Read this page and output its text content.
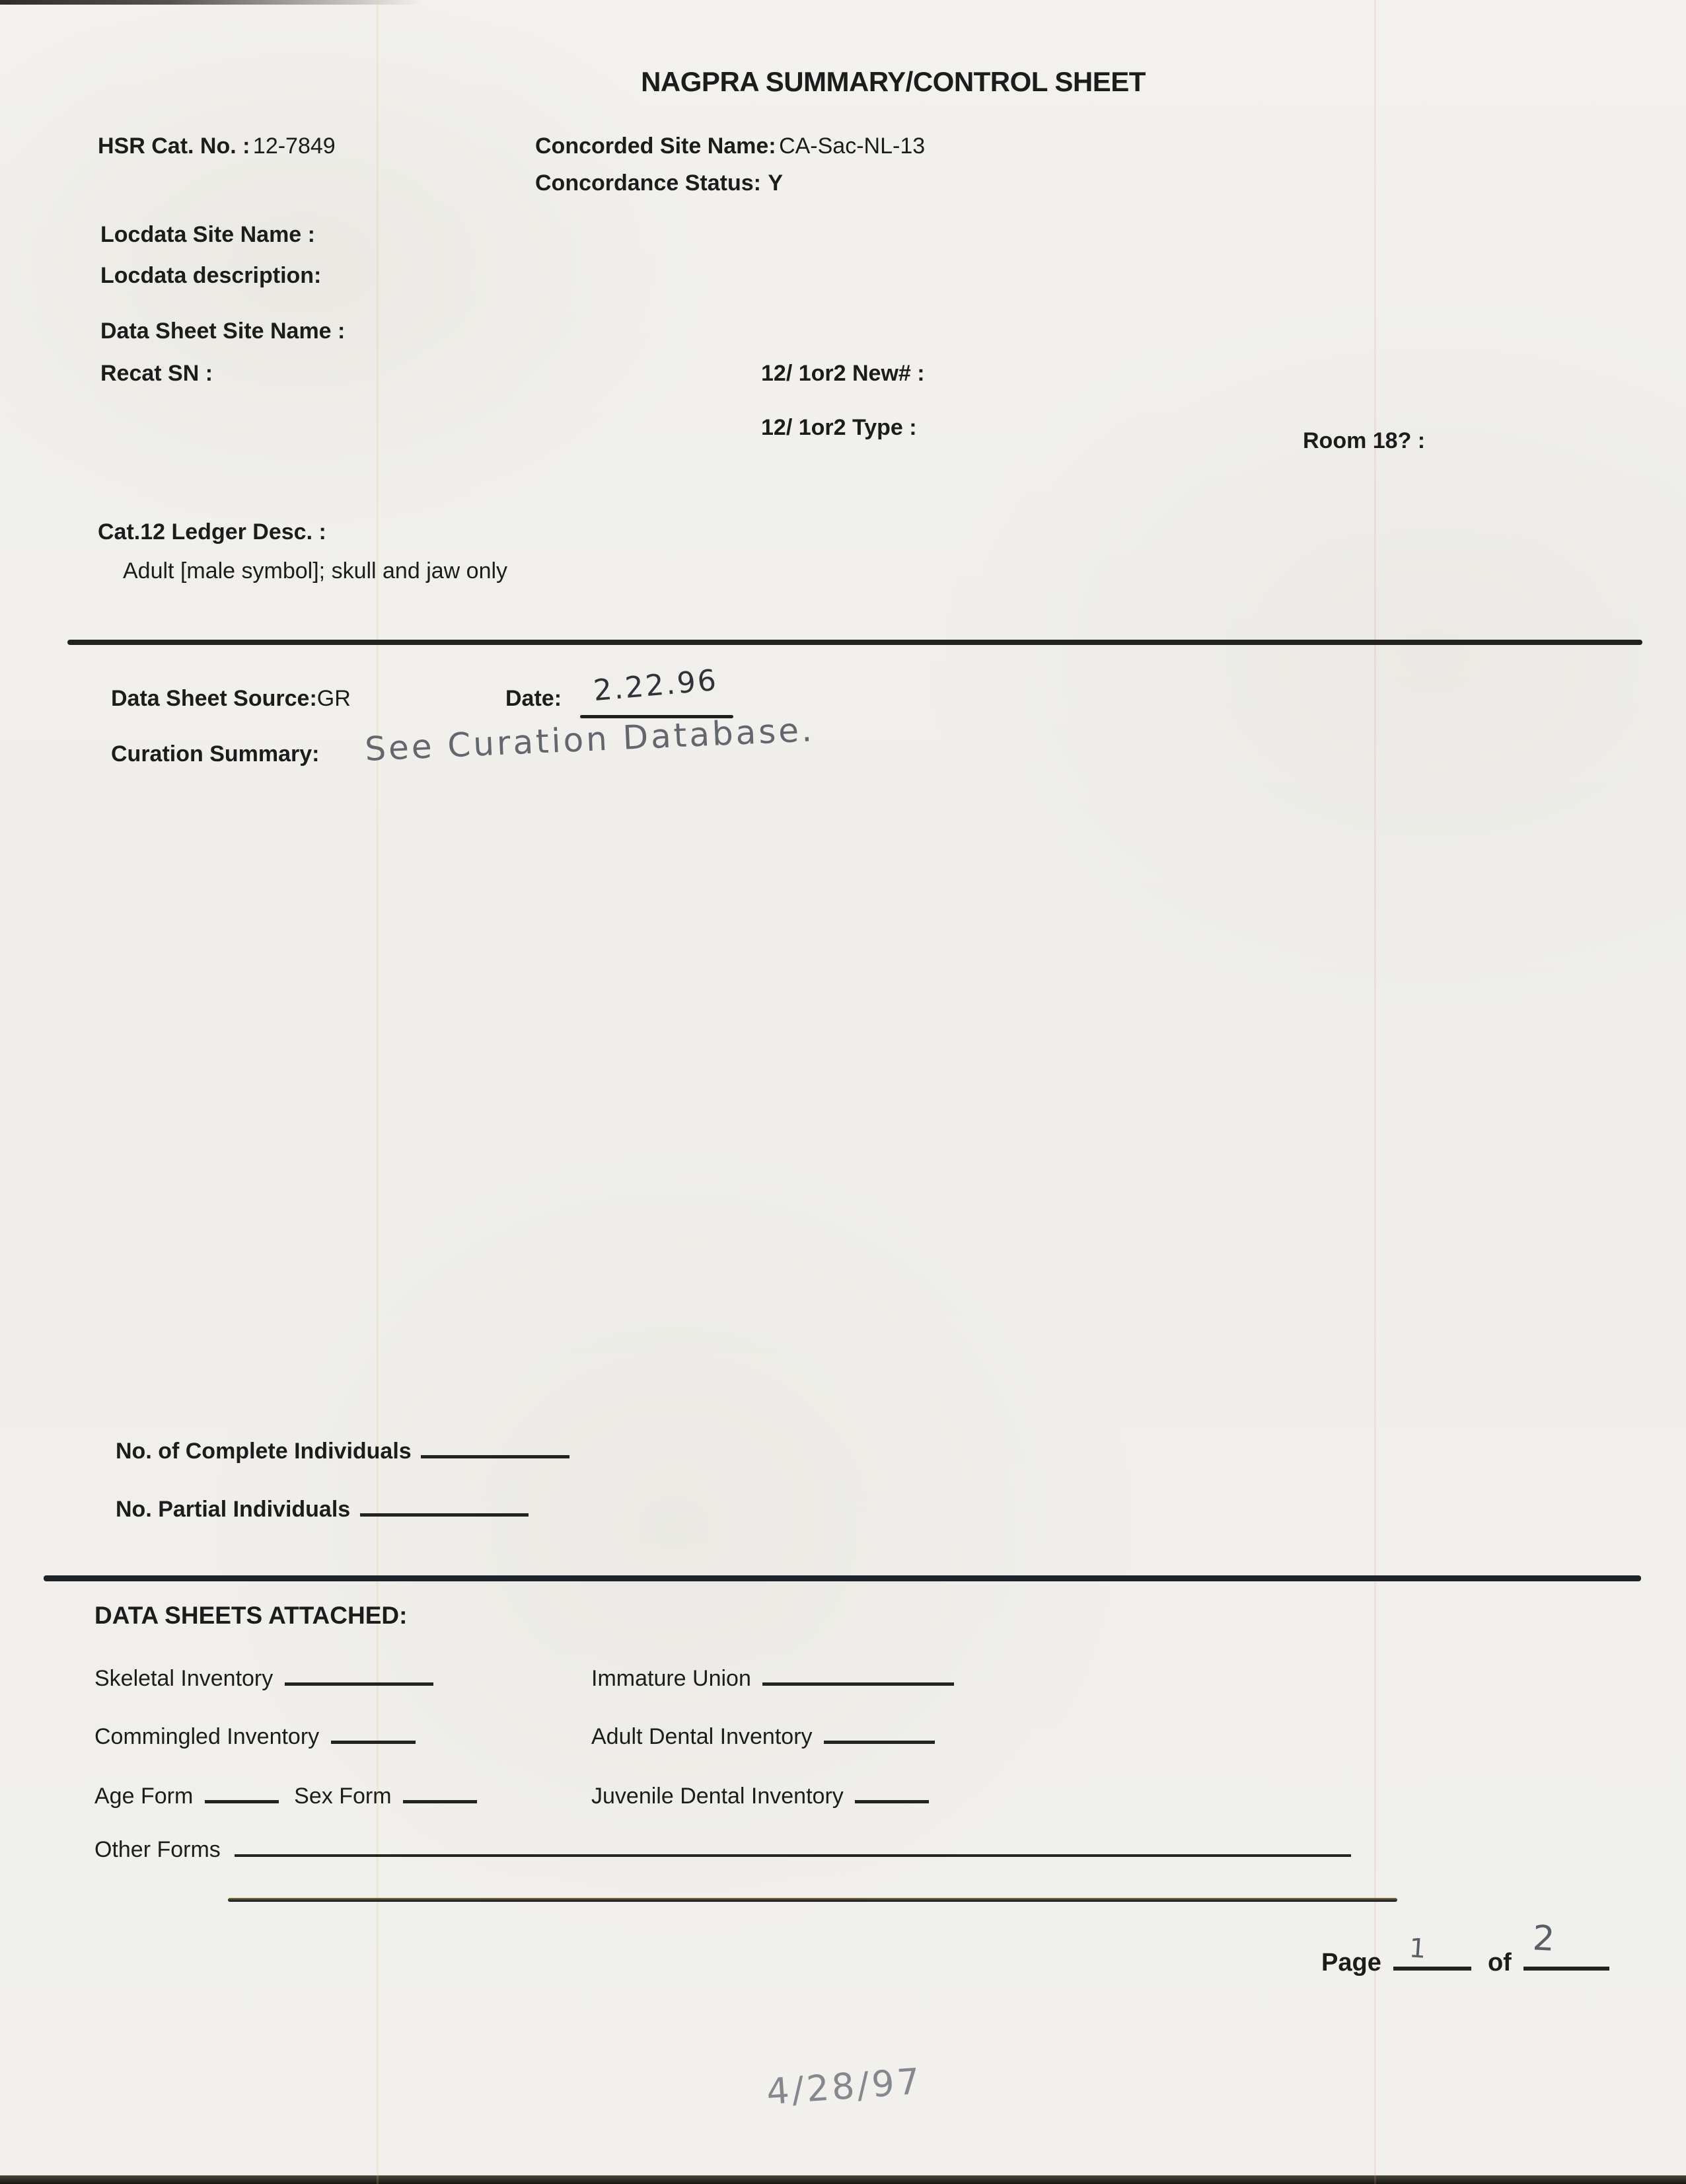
NAGPRA SUMMARY/CONTROL SHEET
HSR Cat. No. : 12-7849	Concorded Site Name: CA-Sac-NL-13
Concordance Status: Y
Locdata Site Name :
Locdata description:
Data Sheet Site Name :
Recat SN :	12/ 1or2 New# :
12/ 1or2 Type :
Room 18? :
Cat.12 Ledger Desc. :
Adult [male symbol]; skull and jaw only
Data Sheet Source:GR	Date: 2.22.96
Curation Summary: See Curation Database.
No. of Complete Individuals
No. Partial Individuals
DATA SHEETS ATTACHED:
Skeletal Inventory	Immature Union
Commingled Inventory	Adult Dental Inventory
Age Form	Sex Form	Juvenile Dental Inventory
Other Forms
Page 1 of
2
4/28/97
